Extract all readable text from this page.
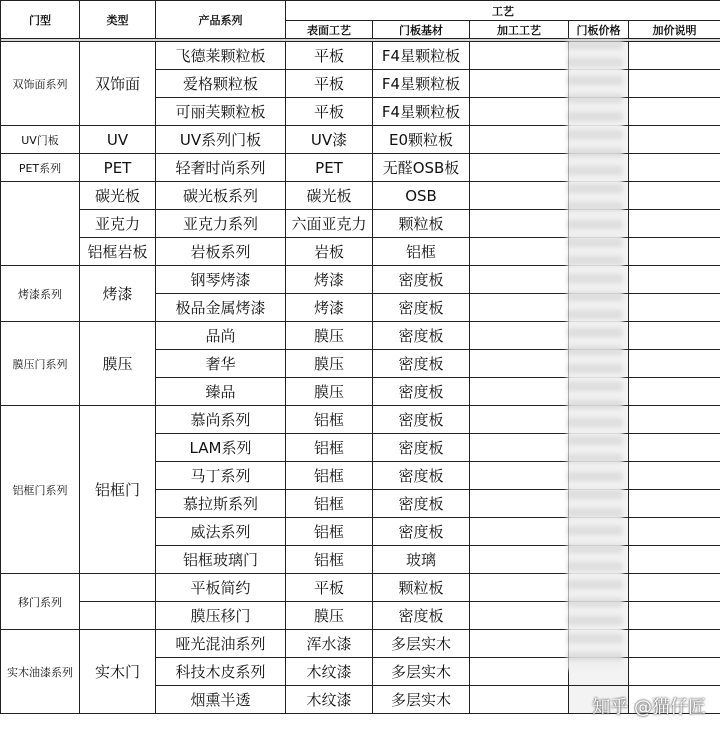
门型	类型	产品系列	工艺				
			表面工艺	门板基材	加工工艺	门板价格	加价说明

双饰面系列	双饰面	飞德莱颗粒板	平板	F4星颗粒板			
		爱格颗粒板	平板	F4星颗粒板			
		可丽芙颗粒板	平板	F4星颗粒板			
UV门板	UV	UV系列门板	UV漆	E0颗粒板			
PET系列	PET	轻奢时尚系列	PET	无醛OSB板			
	碳光板	碳光板系列	碳光板	OSB			
	亚克力	亚克力系列	六面亚克力	颗粒板			
	铝框岩板	岩板系列	岩板	铝框			
烤漆系列	烤漆	钢琴烤漆	烤漆	密度板			
		极品金属烤漆	烤漆	密度板			
膜压门系列	膜压	品尚	膜压	密度板			
		奢华	膜压	密度板			
		臻品	膜压	密度板			
铝框门系列	铝框门	慕尚系列	铝框	密度板			
		LAM系列	铝框	密度板			
		马丁系列	铝框	密度板			
		慕拉斯系列	铝框	密度板			
		威法系列	铝框	密度板			
		铝框玻璃门	铝框	玻璃			
移门系列		平板简约	平板	颗粒板			
		膜压移门	膜压	密度板			
实木油漆系列	实木门	哑光混油系列	浑水漆	多层实木			
		科技木皮系列	木纹漆	多层实木			
		烟熏半透	木纹漆	多层实木				知乎 @猫仔匠
